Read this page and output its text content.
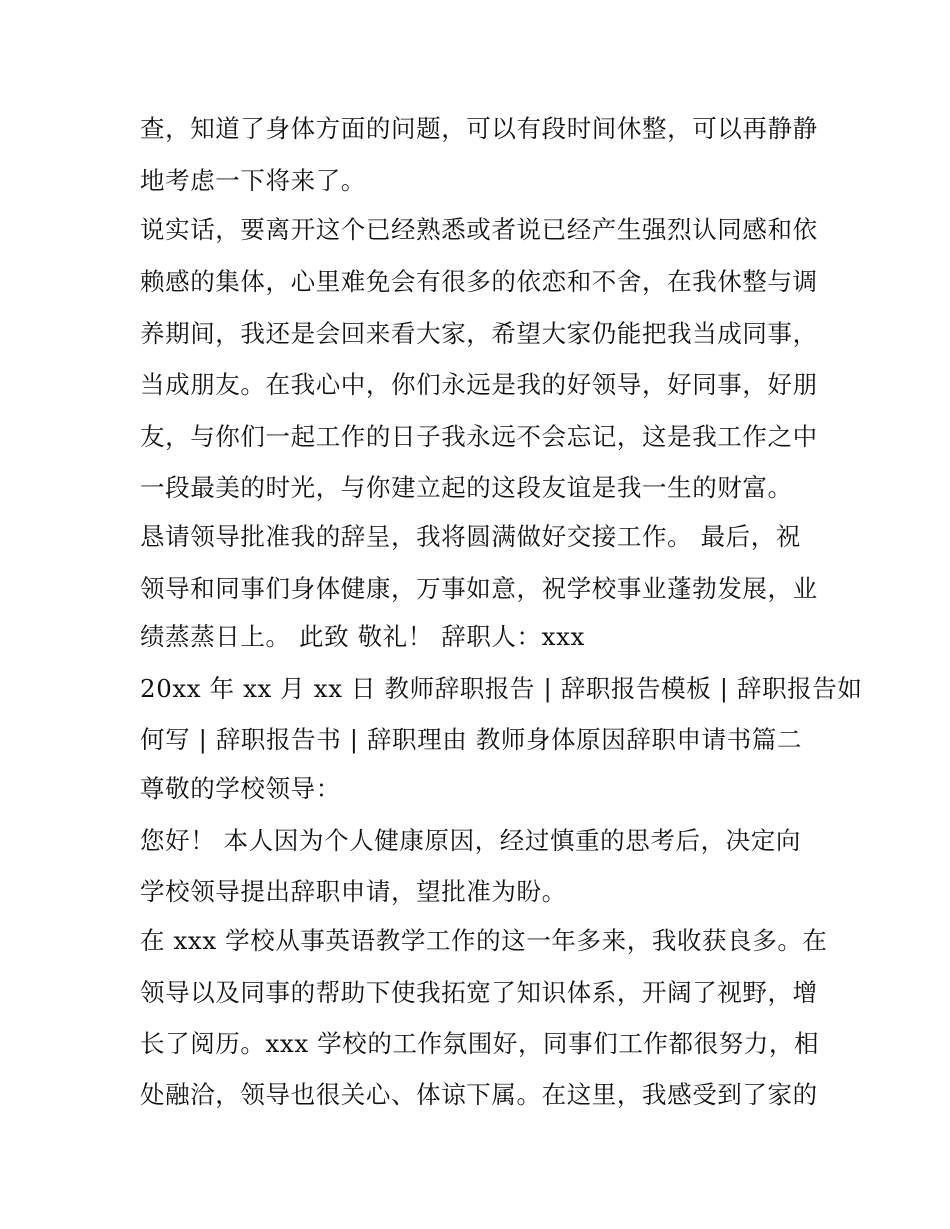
查，知道了身体方面的问题，可以有段时间休整，可以再静静
地考虑一下将来了。
说实话，要离开这个已经熟悉或者说已经产生强烈认同感和依
赖感的集体，心里难免会有很多的依恋和不舍，在我休整与调
养期间，我还是会回来看大家，希望大家仍能把我当成同事，
当成朋友。在我心中，你们永远是我的好领导，好同事，好朋
友，与你们一起工作的日子我永远不会忘记，这是我工作之中
一段最美的时光，与你建立起的这段友谊是我一生的财富。
恳请领导批准我的辞呈，我将圆满做好交接工作。 最后，祝
领导和同事们身体健康，万事如意，祝学校事业蓬勃发展，业
绩蒸蒸日上。 此致 敬礼！ 辞职人：xxx
20xx 年 xx 月 xx 日 教师辞职报告 | 辞职报告模板 | 辞职报告如
何写 | 辞职报告书 | 辞职理由 教师身体原因辞职申请书篇二
尊敬的学校领导：
您好！ 本人因为个人健康原因，经过慎重的思考后，决定向
学校领导提出辞职申请，望批准为盼。
在 xxx 学校从事英语教学工作的这一年多来，我收获良多。在
领导以及同事的帮助下使我拓宽了知识体系，开阔了视野，增
长了阅历。xxx 学校的工作氛围好，同事们工作都很努力，相
处融洽，领导也很关心、体谅下属。在这里，我感受到了家的
